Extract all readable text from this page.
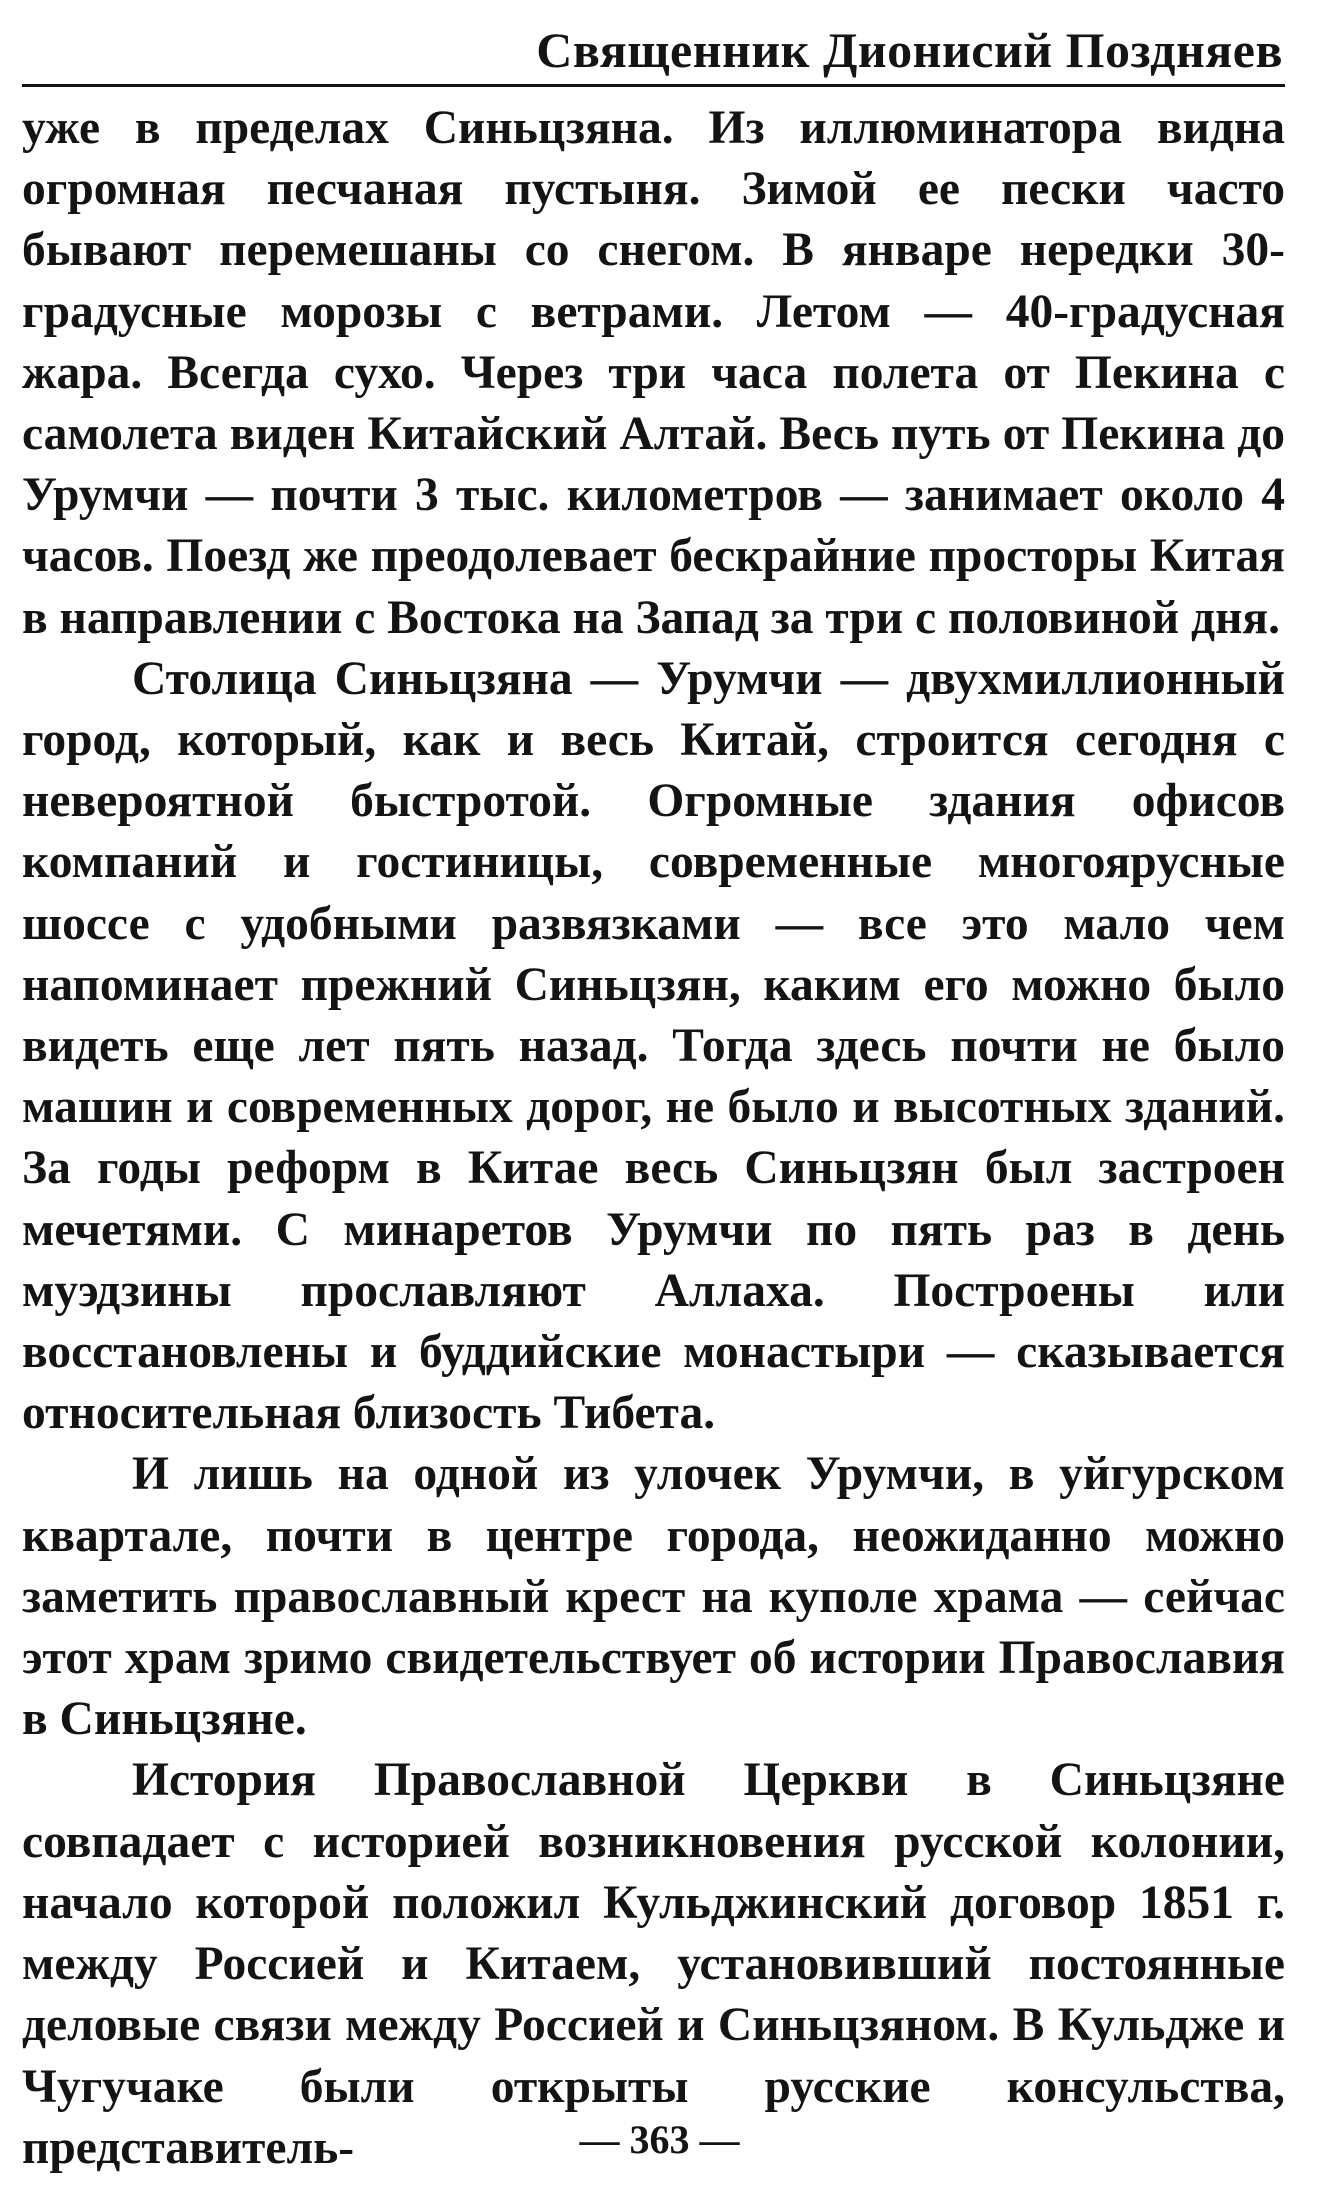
Священник Дионисий Поздняев

уже в пределах Синьцзяна. Из иллюминатора видна огромная песчаная пустыня. Зимой ее пески часто бывают перемешаны со снегом. В январе нередки 30-градусные морозы с ветрами. Летом — 40-градусная жара. Всегда сухо. Через три часа полета от Пекина с самолета виден Китайский Алтай. Весь путь от Пекина до Урумчи — почти 3 тыс. километров — занимает около 4 часов. Поезд же преодолевает бескрайние просторы Китая в направлении с Востока на Запад за три с половиной дня.

Столица Синьцзяна — Урумчи — двухмиллионный город, который, как и весь Китай, строится сегодня с невероятной быстротой. Огромные здания офисов компаний и гостиницы, современные многоярусные шоссе с удобными развязками — все это мало чем напоминает прежний Синьцзян, каким его можно было видеть еще лет пять назад. Тогда здесь почти не было машин и современных дорог, не было и высотных зданий. За годы реформ в Китае весь Синьцзян был застроен мечетями. С минаретов Урумчи по пять раз в день муэдзины прославляют Аллаха. Построены или восстановлены и буддийские монастыри — сказывается относительная близость Тибета.

И лишь на одной из улочек Урумчи, в уйгурском квартале, почти в центре города, неожиданно можно заметить православный крест на куполе храма — сейчас этот храм зримо свидетельствует об истории Православия в Синьцзяне.

История Православной Церкви в Синьцзяне совпадает с историей возникновения русской колонии, начало которой положил Кульджинский договор 1851 г. между Россией и Китаем, установивший постоянные деловые связи между Россией и Синьцзяном. В Кульдже и Чугучаке были открыты русские консульства, представитель-	— 363 —
